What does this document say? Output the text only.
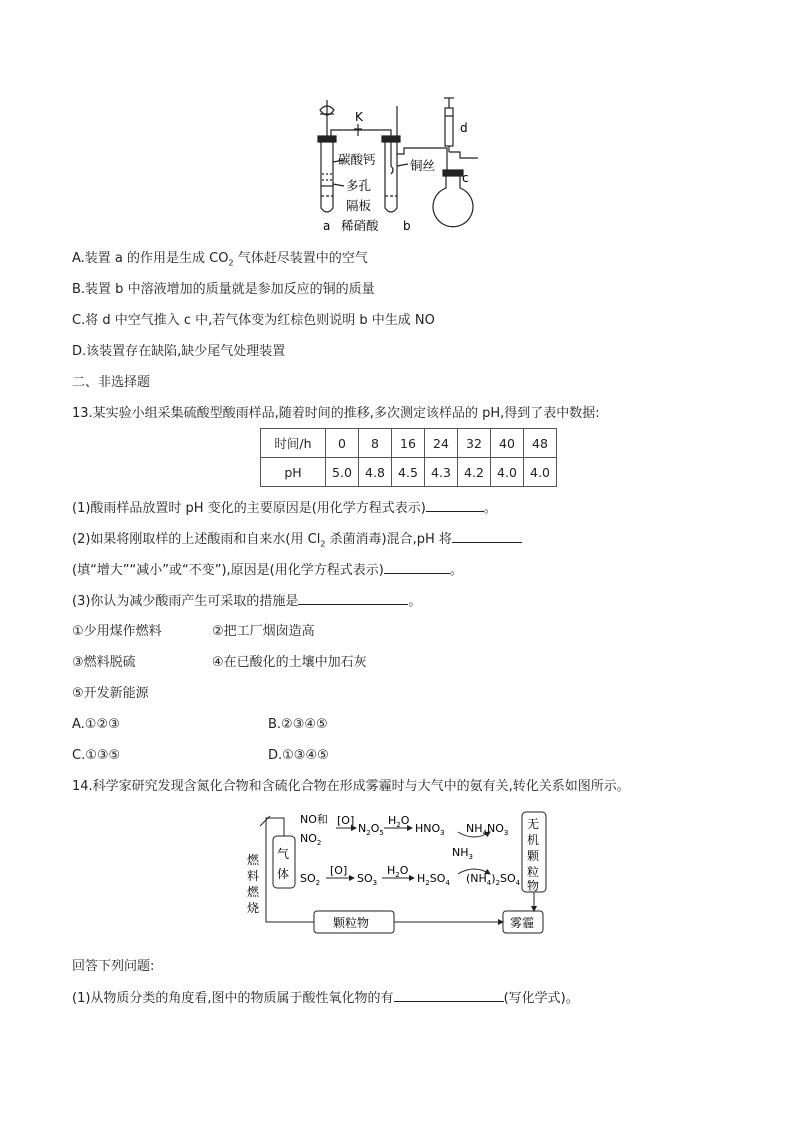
K
d
c
a	b
碳酸钙	铜丝
多孔
隔板
稀硝酸
A.装置 a 的作用是生成 $CO_2$ 气体赶尽装置中的空气
B.装置 b 中溶液增加的质量就是参加反应的铜的质量
C.将 d 中空气推入 c 中,若气体变为红棕色则说明 b 中生成 NO
D.该装置存在缺陷,缺少尾气处理装置
二、非选择题
13.某实验小组采集硫酸型酸雨样品,随着时间的推移,多次测定该样品的 pH,得到了表中数据:
时间/h	0	8	16	24	32	40	48
pH	5.0	4.8	4.5	4.3	4.2	4.0	4.0
(1)酸雨样品放置时 pH 变化的主要原因是(用化学方程式表示)	。
(2)如果将刚取样的上述酸雨和自来水(用 $Cl_2$ 杀菌消毒)混合,pH 将
(填“增大”“减小”或“不变”),原因是(用化学方程式表示)	。
(3)你认为减少酸雨产生可采取的措施是	。
①少用煤作燃料	②把工厂烟囱造高
③燃料脱硫	④在已酸化的土壤中加石灰
⑤开发新能源
A.①②③	B.②③④⑤
C.①③⑤	D.①③④⑤
14.科学家研究发现含氮化合物和含硫化合物在形成雾霾时与大气中的氨有关,转化关系如图所示。
气
体
燃
料
燃
烧
无
机
颗
粒
物
颗粒物	雾霾
NO和
$NO_2$
[O]
$N_2O_5$
$H_2O$
$HNO_3$ $NH_4NO_3$
$NH_3$
$SO_2$
[O]
$SO_3$
$H_2O$
$H_2SO_4$ $(NH_4)_2SO_4$
回答下列问题:
(1)从物质分类的角度看,图中的物质属于酸性氧化物的有	(写化学式)。
